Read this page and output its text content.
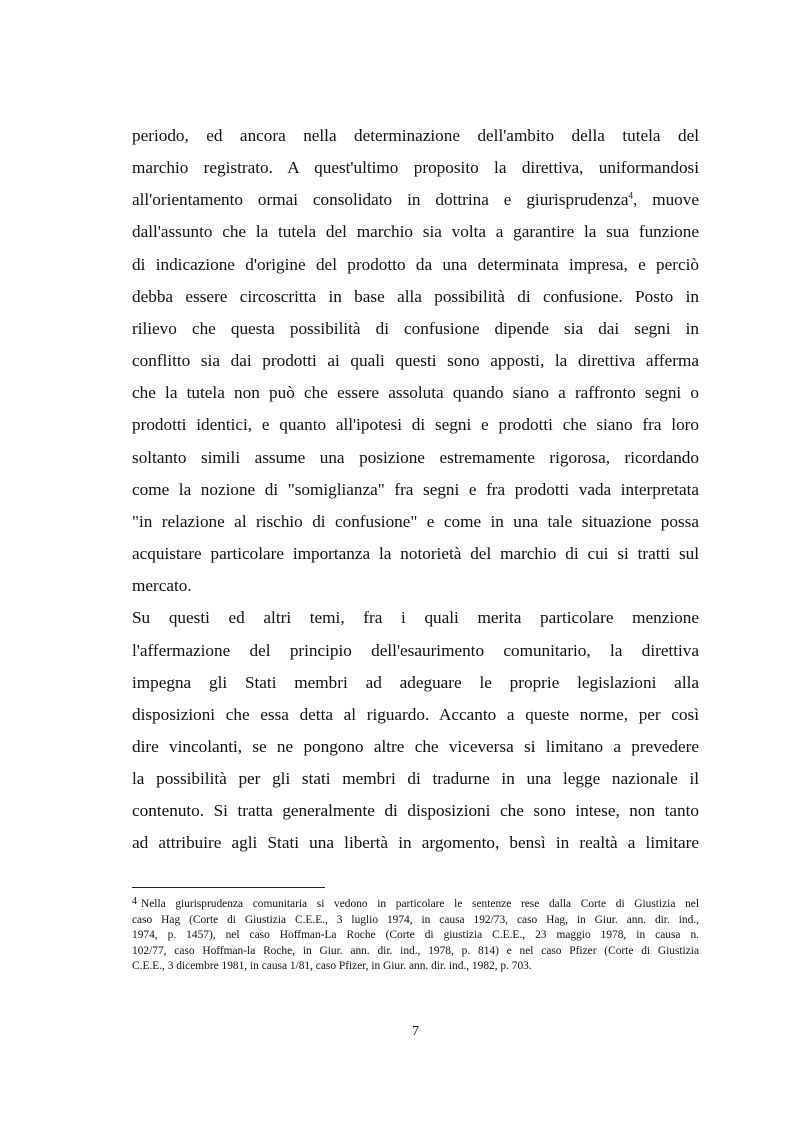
periodo, ed ancora nella determinazione dell'ambito della tutela del
marchio registrato. A quest'ultimo proposito la direttiva, uniformandosi
all'orientamento ormai consolidato in dottrina e giurisprudenza$^4$, muove
dall'assunto che la tutela del marchio sia volta a garantire la sua funzione
di indicazione d'origine del prodotto da una determinata impresa, e perciò
debba essere circoscritta in base alla possibilità di confusione. Posto in
rilievo che questa possibilità di confusione dipende sia dai segni in
conflitto sia dai prodotti ai quali questi sono apposti, la direttiva afferma
che la tutela non può che essere assoluta quando siano a raffronto segni o
prodotti identici, e quanto all'ipotesi di segni e prodotti che siano fra loro
soltanto simili assume una posizione estremamente rigorosa, ricordando
come la nozione di "somiglianza" fra segni e fra prodotti vada interpretata
"in relazione al rischio di confusione" e come in una tale situazione possa
acquistare particolare importanza la notorietà del marchio di cui si tratti sul
mercato.
Su questi ed altri temi, fra i quali merita particolare menzione
l'affermazione del principio dell'esaurimento comunitario, la direttiva
impegna gli Stati membri ad adeguare le proprie legislazioni alla
disposizioni che essa detta al riguardo. Accanto a queste norme, per così
dire vincolanti, se ne pongono altre che viceversa si limitano a prevedere
la possibilità per gli stati membri di tradurne in una legge nazionale il
contenuto. Si tratta generalmente di disposizioni che sono intese, non tanto
ad attribuire agli Stati una libertà in argomento, bensì in realtà a limitare
4 Nella giurisprudenza comunitaria si vedono in particolare le sentenze rese dalla Corte di Giustizia nel
caso Hag (Corte di Giustizia C.E.E., 3 luglio 1974, in causa 192/73, caso Hag, in Giur. ann. dir. ind.,
1974, p. 1457), nel caso Hoffman-La Roche (Corte di giustizia C.E.E., 23 maggio 1978, in causa n.
102/77, caso Hoffman-la Roche, in Giur. ann. dir. ind., 1978, p. 814) e nel caso Pfizer (Corte di Giustizia
C.E.E., 3 dicembre 1981, in causa 1/81, caso Pfizer, in Giur. ann. dir. ind., 1982, p. 703.
7
